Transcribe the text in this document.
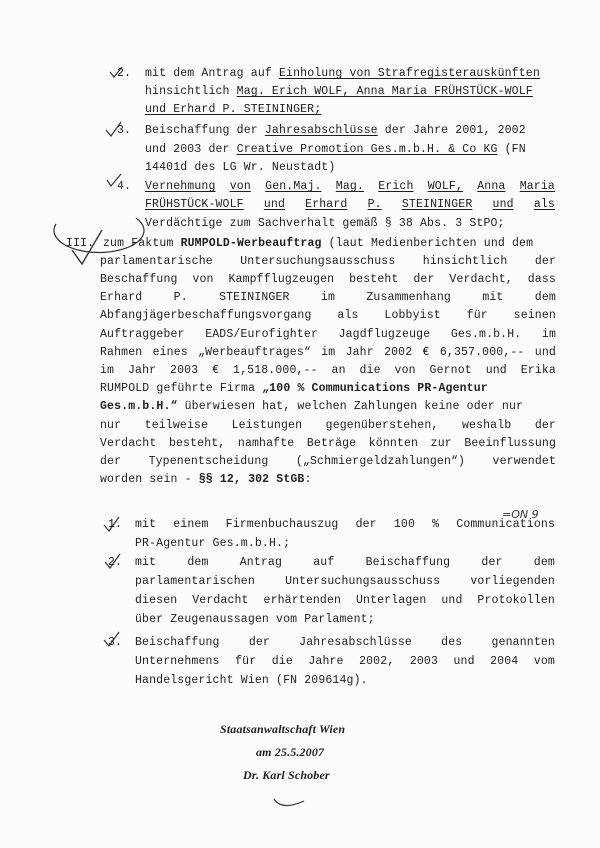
2. mit dem Antrag auf Einholung von Strafregisterauskünften
hinsichtlich Mag. Erich WOLF, Anna Maria FRÜHSTÜCK-WOLF
und Erhard P. STEININGER;
3. Beischaffung der Jahresabschlüsse der Jahre 2001, 2002
und 2003 der Creative Promotion Ges.m.b.H. & Co KG (FN
14401d des LG Wr. Neustadt)
4. Vernehmung von Gen.Maj. Mag. Erich WOLF, Anna Maria
FRÜHSTÜCK-WOLF und Erhard P. STEININGER und als
Verdächtige zum Sachverhalt gemäß § 38 Abs. 3 StPO;
III. zum Faktum RUMPOLD-Werbeauftrag (laut Medienberichten und dem
parlamentarische Untersuchungsausschuss hinsichtlich der
Beschaffung von Kampfflugzeugen besteht der Verdacht, dass
Erhard	P.	STEININGER	im	Zusammenhang	mit	dem
Abfangjägerbeschaffungsvorgang als Lobbyist für seinen
Auftraggeber EADS/Eurofighter Jagdflugzeuge Ges.m.b.H. im
Rahmen eines „Werbeauftrages“ im Jahr 2002 € 6,357.000,-- und
im Jahr 2003 € 1,518.000,-- an die von Gernot und Erika
RUMPOLD geführte Firma „100 % Communications PR-Agentur
Ges.m.b.H.“ überwiesen hat, welchen Zahlungen keine oder nur
nur teilweise Leistungen gegenüberstehen, weshalb der
Verdacht besteht, namhafte Beträge könnten zur Beeinflussung
der Typenentscheidung („Schmiergeldzahlungen“) verwendet
worden sein - §§ 12, 302 StGB:
1. mit einem Firmenbuchauszug der 100 % Communications
PR-Agentur Ges.m.b.H.;
2. mit	dem	Antrag	auf	Beischaffung	der	dem
parlamentarischen	Untersuchungsausschuss	vorliegenden
diesen Verdacht erhärtenden Unterlagen und Protokollen
über Zeugenaussagen vom Parlament;
3. Beischaffung	der	Jahresabschlüsse	des	genannten
Unternehmens für die Jahre 2002, 2003 und 2004 vom
Handelsgericht Wien (FN 209614g).
Staatsanwaltschaft Wien
am 25.5.2007
Dr. Karl Schober
=ON 9
